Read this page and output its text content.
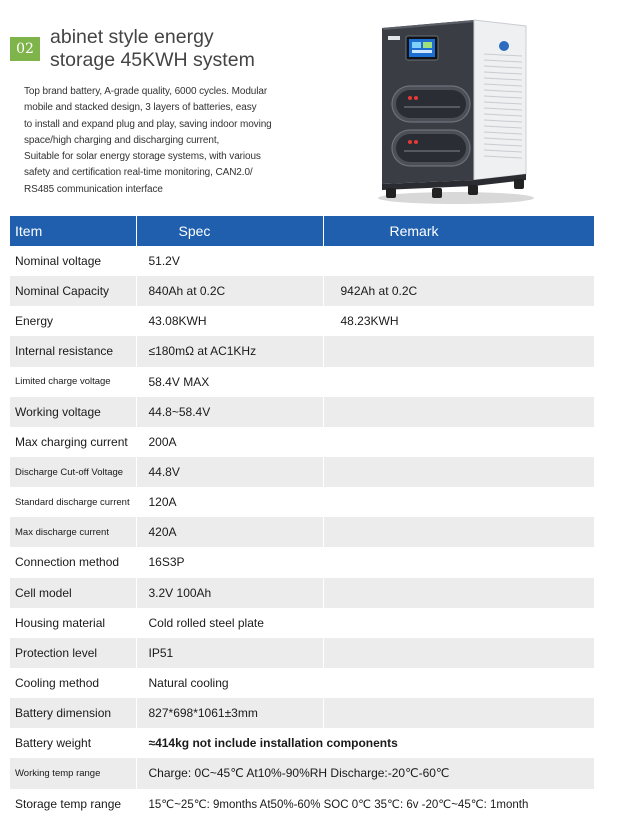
02
abinet style energy
storage 45KWH system
Top brand battery, A-grade quality, 6000 cycles. Modular
mobile and stacked design, 3 layers of batteries, easy
to install and expand plug and play, saving indoor moving
space/high charging and discharging current,
Suitable for solar energy storage systems, with various
safety and certification real-time monitoring, CAN2.0/
RS485 communication interface
Item	Spec	Remark
Nominal voltage	51.2V	
Nominal Capacity	840Ah at 0.2C	942Ah at 0.2C
Energy	43.08KWH	48.23KWH
Internal resistance	≤180mΩ at AC1KHz	
Limited charge voltage	58.4V MAX	
Working voltage	44.8~58.4V	
Max charging current	200A	
Discharge Cut-off Voltage	44.8V	
Standard discharge current	120A	
Max discharge current	420A	
Connection method	16S3P	
Cell model	3.2V 100Ah	
Housing material	Cold rolled steel plate	
Protection level	IP51	
Cooling method	Natural cooling	
Battery dimension	827*698*1061±3mm	
Battery weight	≈414kg not include installation components	
Working temp range	Charge: 0C~45℃ At10%-90%RH Discharge:-20℃-60℃	
Storage temp range	15℃~25℃: 9months At50%-60% SOC 0℃ 35℃: 6v -20℃~45℃: 1month	
